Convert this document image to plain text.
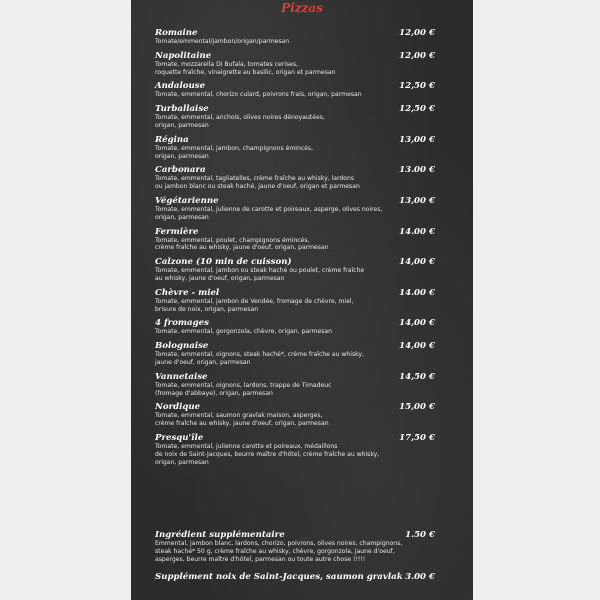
Pizzas
Romaine	12,00 €
Tomate/emmental/jambon/origan/parmesan
Napolitaine	12,00 €
Tomate, mozzarella Di Bufala, tomates cerises,
roquette fraîche, vinaigrette au basilic, origan et parmesan
Andalouse	12,50 €
Tomate, emmental, chorizo culard, poivrons frais, origan, parmesan
Turballaise	12,50 €
Tomate, emmental, anchois, olives noires dénoyautées,
origan, parmesan
Régina	13,00 €
Tomate, emmental, jambon, champignons émincés,
origan, parmesan
Carbonara	13.00 €
Tomate, emmental, tagliatelles, crème fraîche au whisky, lardons
ou jambon blanc ou steak haché, jaune d'oeuf, origan et parmesan
Végétarienne	13,00 €
Tomate, emmental, julienne de carotte et poireaux, asperge, olives noires,
origan, parmesan
Fermière	14.00 €
Tomate, emmental, poulet, champignons émincés,
crème fraîche au whisky, jaune d'oeuf, origan, parmesan
Calzone (10 min de cuisson)	14,00 €
Tomate, emmental, jambon ou steak haché ou poulet, crème fraîche
au whisky, jaune d'oeuf, origan, parmesan
Chèvre - miel	14.00 €
Tomate, emmental, jambon de Vendée, fromage de chèvre, miel,
brisure de noix, origan, parmesan
4 fromages	14,00 €
Tomate, emmental, gorgonzola, chèvre, origan, parmesan
Bolognaise	14,00 €
Tomate, emmental, oignons, steak haché*, crème fraîche au whisky,
jaune d'oeuf, origan, parmesan
Vannetaise	14,50 €
Tomate, emmental, oignons, lardons, trappe de Timadeuc
(fromage d'abbaye), origan, parmesan
Nordique	15,00 €
Tomate, emmental, saumon gravlak maison, asperges,
crème fraîche au whisky, jaune d'oeuf, origan, parmesan
Presqu'île	17,50 €
Tomate, emmental, julienne carotte et poireaux, médaillons
de noix de Saint-Jacques, beurre maître d'hôtel, crème fraîche au whisky,
origan, parmesan
Ingrédient supplémentaire	1.50 €
Emmental, jambon blanc, lardons, chorizo, poivrons, olives noires, champignons,
steak haché* 50 g, crème fraîche au whisky, chèvre, gorgonzola, jaune d'oeuf,
asperges, beurre maître d'hôtel, parmesan ou toute autre chose !!!!!
Supplément noix de Saint-Jacques, saumon gravlak 3.00 €
